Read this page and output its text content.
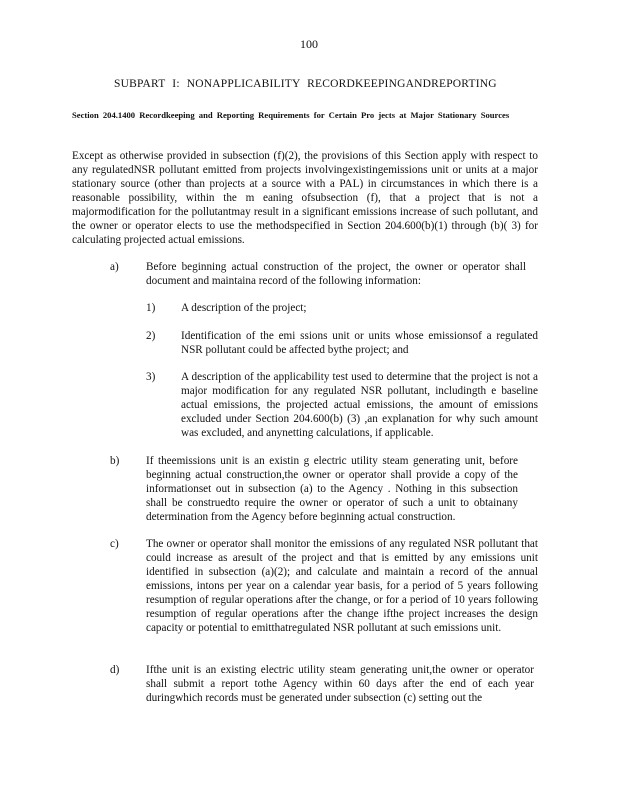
100
SUBPART I: NONAPPLICABILITY RECORDKEEPINGANDREPORTING
Section 204.1400 Recordkeeping and Reporting Requirements for Certain Pro jects at Major Stationary Sources
Except as otherwise provided in subsection (f)(2), the provisions of this Section apply with respect to any regulatedNSR pollutant emitted from projects involvingexistingemissions unit or units at a major stationary source (other than projects at a source with a PAL) in circumstances in which there is a reasonable possibility, within the m eaning ofsubsection (f), that a project that is not a majormodification for the pollutantmay result in a significant emissions increase of such pollutant, and the owner or operator elects to use the methodspecified in Section 204.600(b)(1) through (b)( 3) for calculating projected actual emissions.
a) Before beginning actual construction of the project, the owner or operator shall document and maintaina record of the following information:
1) A description of the project;
2) Identification of the emi ssions unit or units whose emissionsof a regulated NSR pollutant could be affected bythe project; and
3) A description of the applicability test used to determine that the project is not a major modification for any regulated NSR pollutant, includingth e baseline actual emissions, the projected actual emissions, the amount of emissions excluded under Section 204.600(b) (3) ,an explanation for why such amount was excluded, and anynetting calculations, if applicable.
b) If theemissions unit is an existin g electric utility steam generating unit, before beginning actual construction,the owner or operator shall provide a copy of the informationset out in subsection (a) to the Agency . Nothing in this subsection shall be construedto require the owner or operator of such a unit to obtainany determination from the Agency before beginning actual construction.
c) The owner or operator shall monitor the emissions of any regulated NSR pollutant that could increase as aresult of the project and that is emitted by any emissions unit identified in subsection (a)(2); and calculate and maintain a record of the annual emissions, intons per year on a calendar year basis, for a period of 5 years following resumption of regular operations after the change, or for a period of 10 years following resumption of regular operations after the change ifthe project increases the design capacity or potential to emitthatregulated NSR pollutant at such emissions unit.
d) Ifthe unit is an existing electric utility steam generating unit,the owner or operator shall submit a report tothe Agency within 60 days after the end of each year duringwhich records must be generated under subsection (c) setting out the
